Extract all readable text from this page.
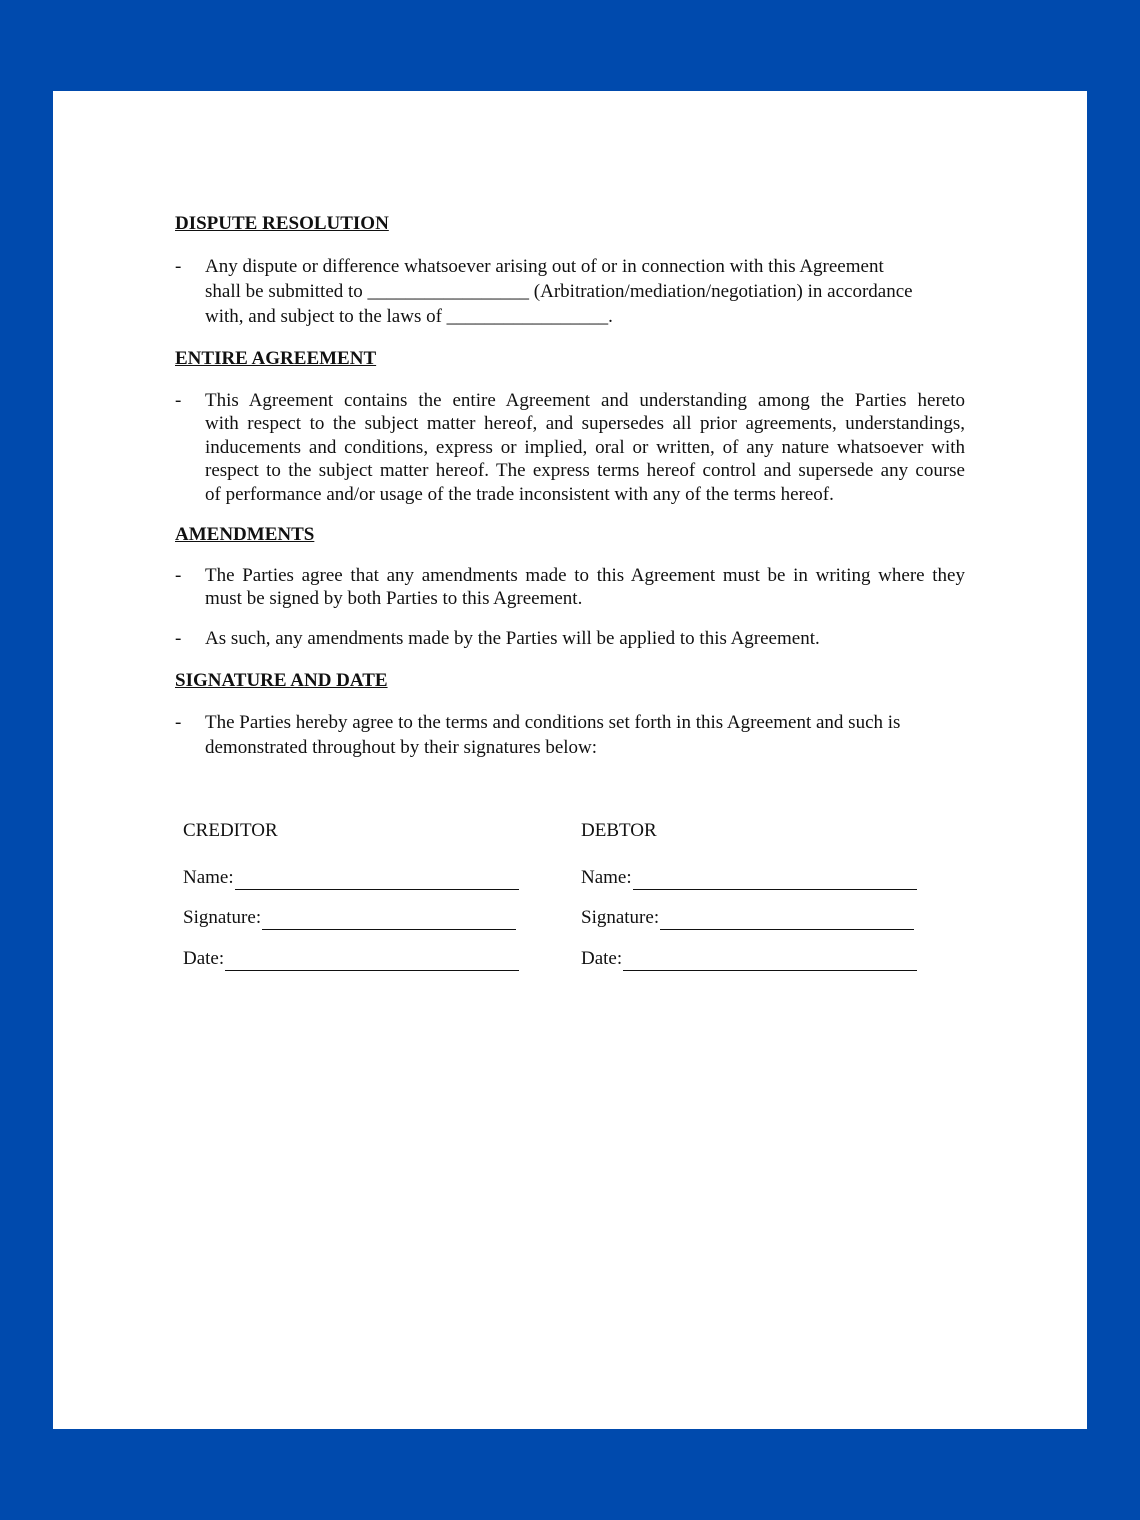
DISPUTE RESOLUTION
- Any dispute or difference whatsoever arising out of or in connection with this Agreement
shall be submitted to _________________ (Arbitration/mediation/negotiation) in accordance
with, and subject to the laws of _________________.
ENTIRE AGREEMENT
- This Agreement contains the entire Agreement and understanding among the Parties hereto
with respect to the subject matter hereof, and supersedes all prior agreements, understandings,
inducements and conditions, express or implied, oral or written, of any nature whatsoever with
respect to the subject matter hereof. The express terms hereof control and supersede any course
of performance and/or usage of the trade inconsistent with any of the terms hereof.
AMENDMENTS
- The Parties agree that any amendments made to this Agreement must be in writing where they
must be signed by both Parties to this Agreement.
- As such, any amendments made by the Parties will be applied to this Agreement.
SIGNATURE AND DATE
- The Parties hereby agree to the terms and conditions set forth in this Agreement and such is
demonstrated throughout by their signatures below:
CREDITOR
Name:
Signature:
Date:
DEBTOR
Name:
Signature:
Date:
